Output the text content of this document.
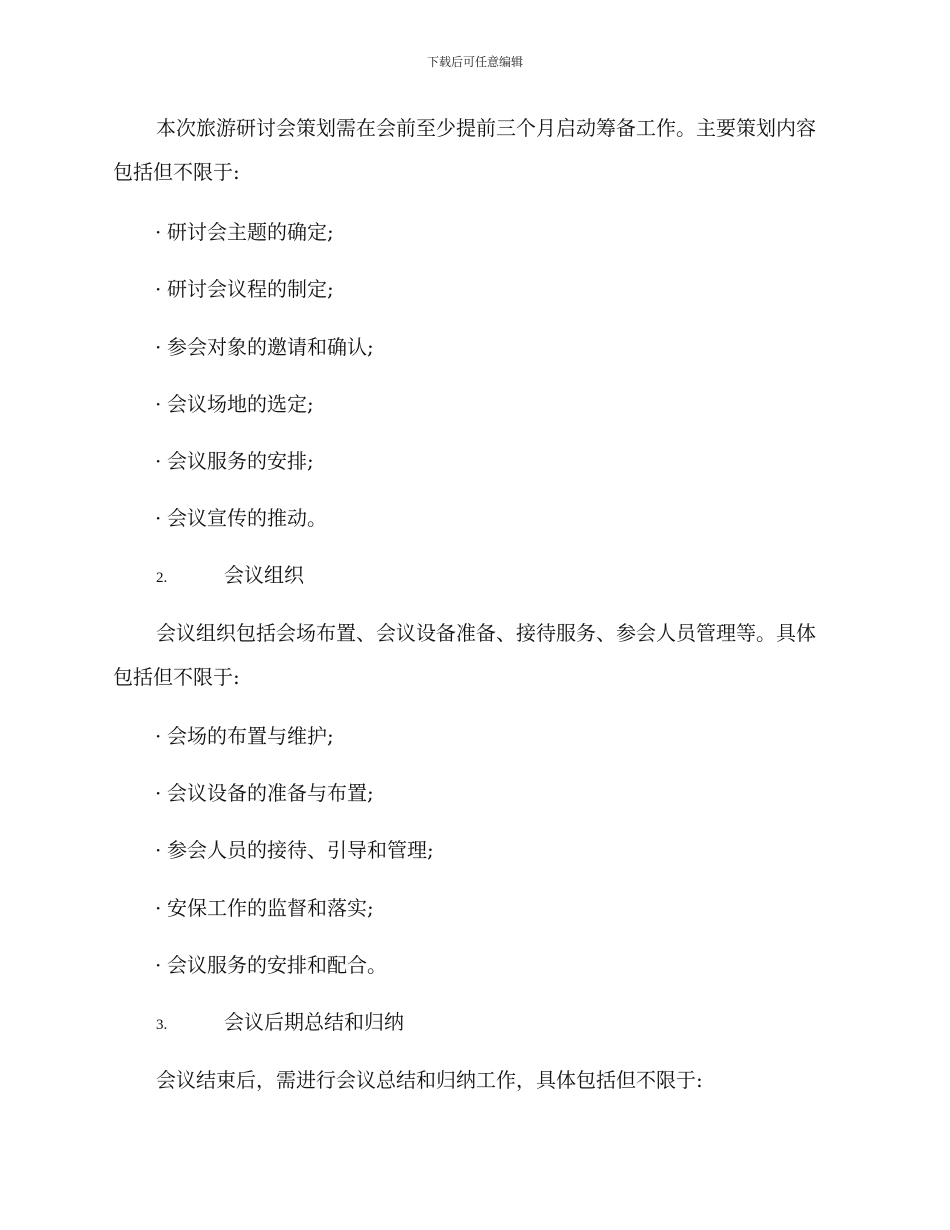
下载后可任意编辑

本次旅游研讨会策划需在会前至少提前三个月启动筹备工作。主要策划内容包括但不限于:

· 研讨会主题的确定;
· 研讨会议程的制定;
· 参会对象的邀请和确认;
· 会议场地的选定;
· 会议服务的安排;
· 会议宣传的推动。
2.	会议组织

会议组织包括会场布置、会议设备准备、接待服务、参会人员管理等。具体包括但不限于:

· 会场的布置与维护;
· 会议设备的准备与布置;
· 参会人员的接待、引导和管理;
· 安保工作的监督和落实;
· 会议服务的安排和配合。
3.	会议后期总结和归纳

会议结束后，需进行会议总结和归纳工作，具体包括但不限于:
